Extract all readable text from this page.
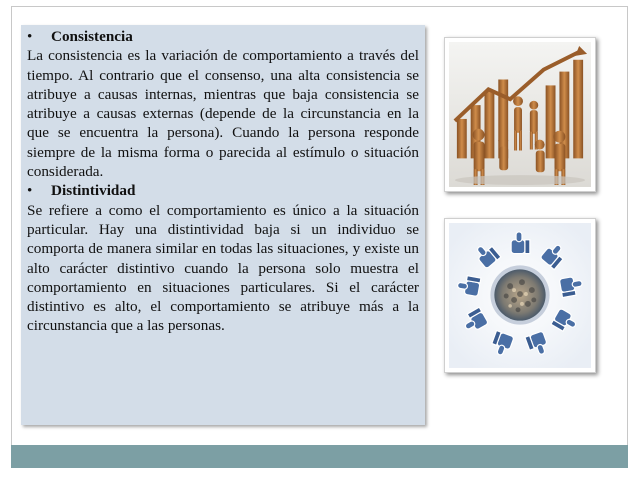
• Consistencia

La consistencia es la variación de comportamiento a través del tiempo. Al contrario que el consenso, una alta consistencia se atribuye a causas internas, mientras que baja consistencia se atribuye a causas externas (depende de la circunstancia en la que se encuentra la persona). Cuando la persona responde siempre de la misma forma o parecida al estímulo o situación considerada.

• Distintividad

Se refiere a como el comportamiento es único a la situación particular. Hay una distintividad baja si un individuo se comporta de manera similar en todas las situaciones, y existe un alto carácter distintivo cuando la persona solo muestra el comportamiento en situaciones particulares. Si el carácter distintivo es alto, el comportamiento se atribuye más a la circunstancia que a las personas.
